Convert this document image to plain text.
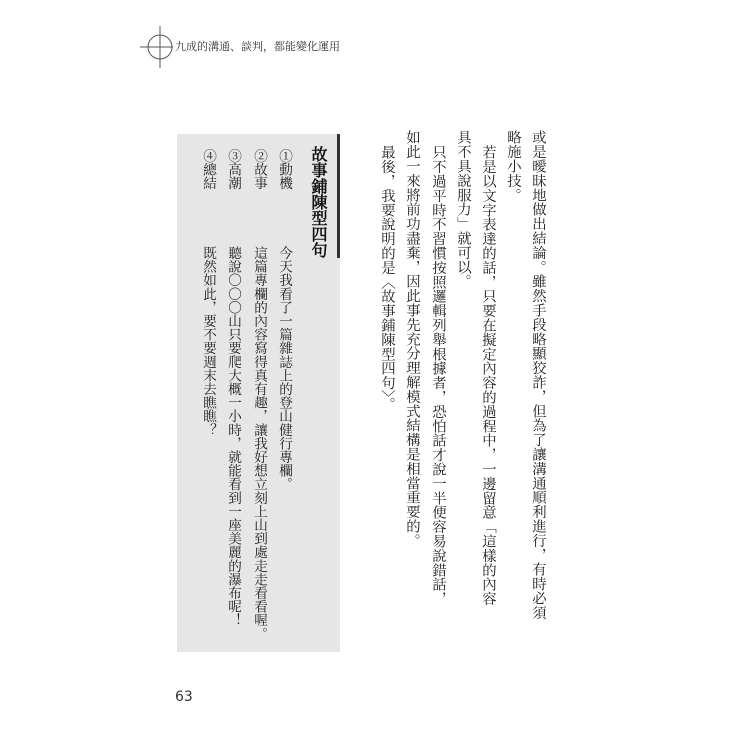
九成的溝通、談判，都能變化運用

或是曖昧地做出結論。雖然手段略顯狡詐，但為了讓溝通順利進行，有時必須

略施小技。

若是以文字表達的話，只要在擬定內容的過程中，一邊留意「這樣的內容

具不具說服力」就可以。

只不過平時不習慣按照邏輯列舉根據者，恐怕話才說一半便容易說錯話，

如此一來將前功盡棄，因此事先充分理解模式結構是相當重要的。

最後，我要說明的是〈故事鋪陳型四句〉。

故事鋪陳型四句

①動機

今天我看了一篇雜誌上的登山健行專欄。

②故事

這篇專欄的內容寫得真有趣，讓我好想立刻上山到處走走看看喔。

③高潮

聽說〇〇〇山只要爬大概一小時，就能看到一座美麗的瀑布呢！

④總結

既然如此，要不要週末去瞧瞧？

63
